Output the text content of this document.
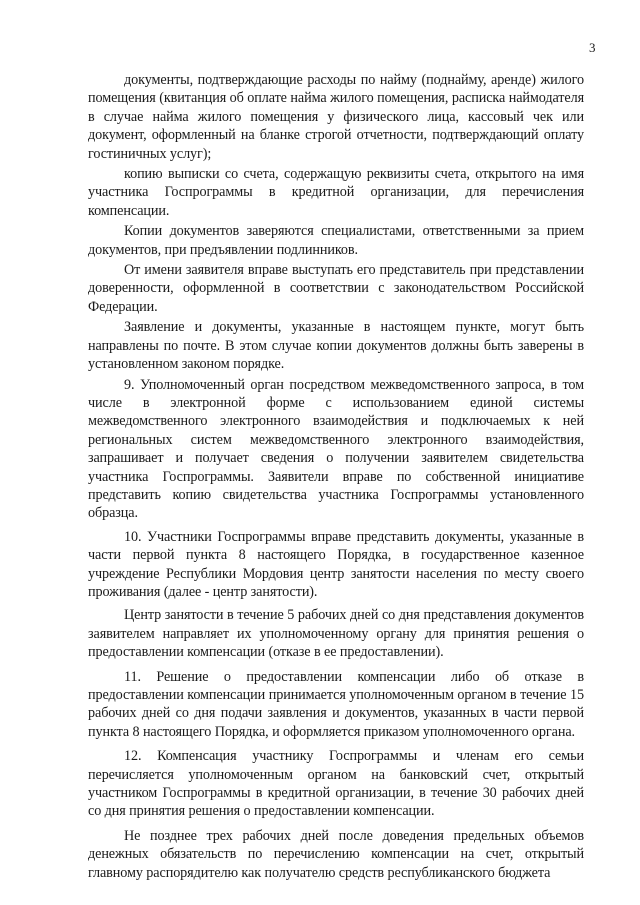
3

документы, подтверждающие расходы по найму (поднайму, аренде) жилого помещения (квитанция об оплате найма жилого помещения, расписка наймодателя в случае найма жилого помещения у физического лица, кассовый чек или документ, оформленный на бланке строгой отчетности, подтверждающий оплату гостиничных услуг);

копию выписки со счета, содержащую реквизиты счета, открытого на имя участника Госпрограммы в кредитной организации, для перечисления компенсации.

Копии документов заверяются специалистами, ответственными за прием документов, при предъявлении подлинников.

От имени заявителя вправе выступать его представитель при представлении доверенности, оформленной в соответствии с законодательством Российской Федерации.

Заявление и документы, указанные в настоящем пункте, могут быть направлены по почте. В этом случае копии документов должны быть заверены в установленном законом порядке.

9. Уполномоченный орган посредством межведомственного запроса, в том числе в электронной форме с использованием единой системы межведомственного электронного взаимодействия и подключаемых к ней региональных систем межведомственного электронного взаимодействия, запрашивает и получает сведения о получении заявителем свидетельства участника Госпрограммы. Заявители вправе по собственной инициативе представить копию свидетельства участника Госпрограммы установленного образца.

10. Участники Госпрограммы вправе представить документы, указанные в части первой пункта 8 настоящего Порядка, в государственное казенное учреждение Республики Мордовия центр занятости населения по месту своего проживания (далее - центр занятости).

Центр занятости в течение 5 рабочих дней со дня представления документов заявителем направляет их уполномоченному органу для принятия решения о предоставлении компенсации (отказе в ее предоставлении).

11. Решение о предоставлении компенсации либо об отказе в предоставлении компенсации принимается уполномоченным органом в течение 15 рабочих дней со дня подачи заявления и документов, указанных в части первой пункта 8 настоящего Порядка, и оформляется приказом уполномоченного органа.

12. Компенсация участнику Госпрограммы и членам его семьи перечисляется уполномоченным органом на банковский счет, открытый участником Госпрограммы в кредитной организации, в течение 30 рабочих дней со дня принятия решения о предоставлении компенсации.

Не позднее трех рабочих дней после доведения предельных объемов денежных обязательств по перечислению компенсации на счет, открытый главному распорядителю как получателю средств республиканского бюджета
